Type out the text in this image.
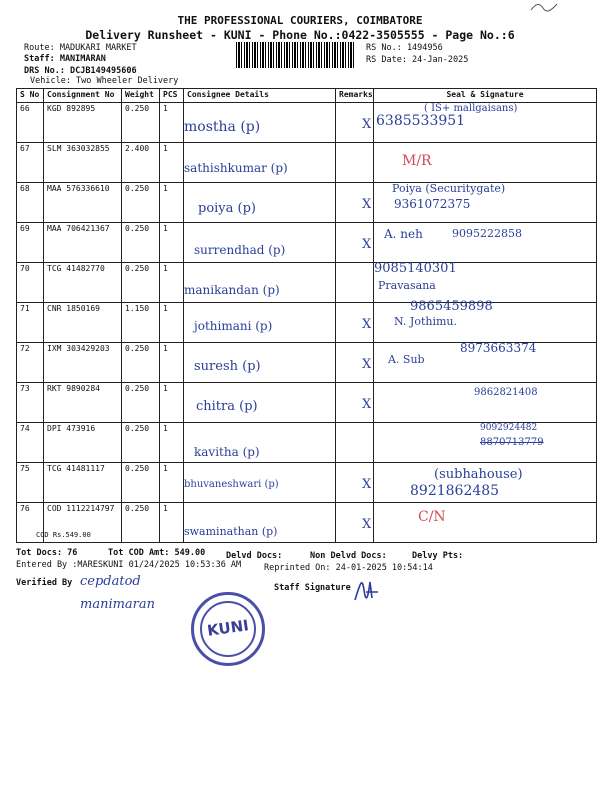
THE PROFESSIONAL COURIERS, COIMBATORE
Delivery Runsheet - KUNI - Phone No.:0422-3505555 - Page No.:6
Route: MADUKARI MARKET
Staff: MANIMARAN
DRS No.: DCJB149495606
Vehicle: Two Wheeler Delivery
RS No.: 1494956
RS Date: 24-Jan-2025
S No	Consignment No	Weight	PCS	Consignee Details	Remarks	Seal & Signature
66	KGD 892895	0.250	1	mostha (p)	X	6385533951
( IS+ mallgaisans)

67	SLM 363032855	2.400	1	sathishkumar (p)		M/R

68	MAA 576336610	0.250	1	poiya (p)	X	9361072375
Poiya (Securitygate)

69	MAA 706421367	0.250	1	surrendhad (p)	X	9095222858
A. neh

70	TCG 41482770	0.250	1	manikandan (p)		9085140301
Pravasana

71	CNR 1850169	1.150	1	jothimani (p)	X	9865459898
N. Jothimu.

72	IXM 303429203	0.250	1	suresh (p)	X	8973663374
A. Sub

73	RKT 9890284	0.250	1	chitra (p)	X	9862821408

74	DPI 473916	0.250	1	kavitha (p)		9092924482
8870713779

75	TCG 41481117	0.250	1	bhuvaneshwari (p)	X	8921862485
(subhahouse)

76	COD 1112214797	0.250	1	swaminathan (p)	X	C/N
COD Rs.549.00
Tot Docs: 76	Tot COD Amt: 549.00 Delvd Docs:	Non Delvd Docs:	Delvy Pts:
Entered By :MARESKUNI 01/24/2025 10:53:36 AM	Reprinted On: 24-01-2025 10:54:14
Verified By	Staff Signature
cepdatod
manimaran
KUNI
